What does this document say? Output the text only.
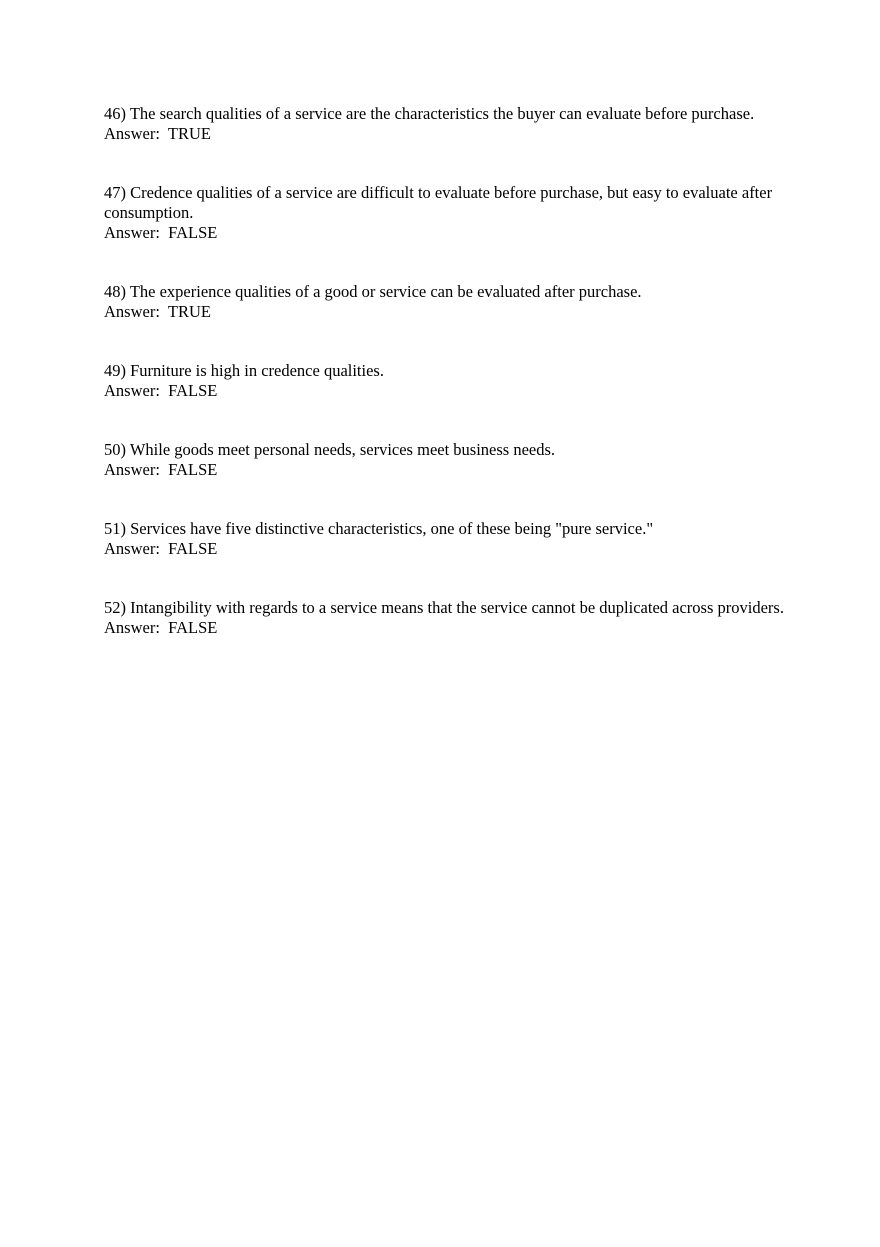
46) The search qualities of a service are the characteristics the buyer can evaluate before purchase.

Answer: TRUE

47) Credence qualities of a service are difficult to evaluate before purchase, but easy to evaluate after consumption.

Answer: FALSE

48) The experience qualities of a good or service can be evaluated after purchase.

Answer: TRUE

49) Furniture is high in credence qualities.

Answer: FALSE

50) While goods meet personal needs, services meet business needs.

Answer: FALSE

51) Services have five distinctive characteristics, one of these being "pure service."

Answer: FALSE

52) Intangibility with regards to a service means that the service cannot be duplicated across providers.

Answer: FALSE
